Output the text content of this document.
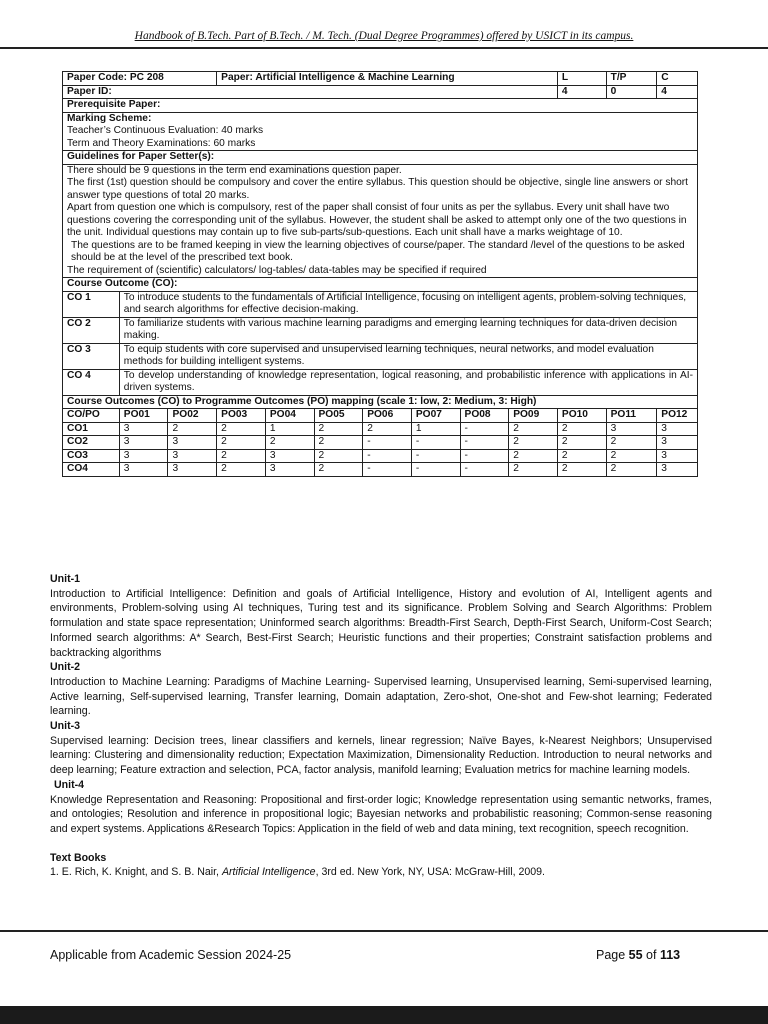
Handbook of B.Tech. Part of B.Tech. / M. Tech. (Dual Degree Programmes) offered by USICT in its campus.
Paper Code: PC 208			Paper: Artificial Intelligence & Machine Learning							L	T/P	C
Paper ID:										4	0	4
Prerequisite Paper:												

Marking Scheme:
Teacher’s Continuous Evaluation: 40 marks
Term and Theory Examinations: 60 marks												

Guidelines for Paper Setter(s):												

There should be 9 questions in the term end examinations question paper.
The first (1st) question should be compulsory and cover the entire syllabus. This question should be objective, single line answers or short answer type questions of total 20 marks.
Apart from question one which is compulsory, rest of the paper shall consist of four units as per the syllabus. Every unit shall have two questions covering the corresponding unit of the syllabus. However, the student shall be asked to attempt only one of the two questions in the unit. Individual questions may contain up to five sub-parts/sub-questions. Each unit shall have a marks weightage of 10.
The questions are to be framed keeping in view the learning objectives of course/paper. The standard /level of the questions to be asked should be at the level of the prescribed text book.
The requirement of (scientific) calculators/ log-tables/ data-tables may be specified if required												

Course Outcome (CO):												
CO 1	To introduce students to the fundamentals of Artificial Intelligence, focusing on intelligent agents, problem-solving techniques, and search algorithms for effective decision-making.											
CO 2	To familiarize students with various machine learning paradigms and emerging learning techniques for data-driven decision making.											
CO 3	To equip students with core supervised and unsupervised learning techniques, neural networks, and model evaluation methods for building intelligent systems.											
CO 4	To develop understanding of knowledge representation, logical reasoning, and probabilistic inference with applications in AI-driven systems.											
Course Outcomes (CO) to Programme Outcomes (PO) mapping (scale 1: low, 2: Medium, 3: High)												
CO/PO	PO01	PO02	PO03	PO04	PO05	PO06	PO07	PO08	PO09	PO10	PO11	PO12
CO1	3	2	2	1	2	2	1	-	2	2	3	3
CO2	3	3	2	2	2	-	-	-	2	2	2	3
CO3	3	3	2	3	2	-	-	-	2	2	2	3
CO4	3	3	2	3	2	-	-	-	2	2	2	3

Unit-1

Introduction to Artificial Intelligence: Definition and goals of Artificial Intelligence, History and evolution of AI, Intelligent agents and environments, Problem-solving using AI techniques, Turing test and its significance. Problem Solving and Search Algorithms: Problem formulation and state space representation; Uninformed search algorithms: Breadth-First Search, Depth-First Search, Uniform-Cost Search; Informed search algorithms: A* Search, Best-First Search; Heuristic functions and their properties; Constraint satisfaction problems and backtracking algorithms

Unit-2

Introduction to Machine Learning: Paradigms of Machine Learning- Supervised learning, Unsupervised learning, Semi-supervised learning, Active learning, Self-supervised learning, Transfer learning, Domain adaptation, Zero-shot, One-shot and Few-shot learning; Federated learning.

Unit-3

Supervised learning: Decision trees, linear classifiers and kernels, linear regression; Naïve Bayes, k-Nearest Neighbors; Unsupervised learning: Clustering and dimensionality reduction; Expectation Maximization, Dimensionality Reduction. Introduction to neural networks and deep learning; Feature extraction and selection, PCA, factor analysis, manifold learning; Evaluation metrics for machine learning models.

Unit-4

Knowledge Representation and Reasoning: Propositional and first-order logic; Knowledge representation using semantic networks, frames, and ontologies; Resolution and inference in propositional logic; Bayesian networks and probabilistic reasoning; Common-sense reasoning and expert systems. Applications &Research Topics: Application in the field of web and data mining, text recognition, speech recognition.

Text Books

1. E. Rich, K. Knight, and S. B. Nair, Artificial Intelligence, 3rd ed. New York, NY, USA: McGraw-Hill, 2009.

Applicable from Academic Session 2024-25	Page 55 of 113
